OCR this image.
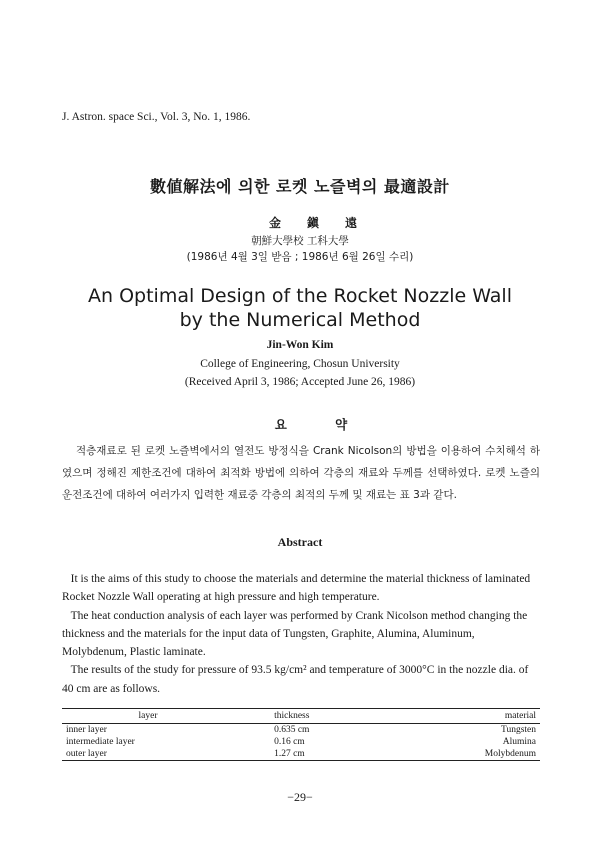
J. Astron. space Sci., Vol. 3, No. 1, 1986.
數値解法에 의한 로켓 노즐벽의 最適設計
金鎭遠
朝鮮大學校 工科大學
(1986년 4월 3일 받음 ; 1986년 6월 26일 수리)
An Optimal Design of the Rocket Nozzle Wall
by the Numerical Method
Jin-Won Kim
College of Engineering, Chosun University
(Received April 3, 1986; Accepted June 26, 1986)
요 약
적층재료로 된 로켓 노즐벽에서의 열전도 방정식을 Crank Nicolson의 방법을 이용하여 수치해석 하였으며 정해진 제한조건에 대하여 최적화 방법에 의하여 각층의 재료와 두께를 선택하였다. 로켓 노즐의 운전조건에 대하여 여러가지 입력한 재료중 각층의 최적의 두께 및 재료는 표 3과 같다.
Abstract

It is the aims of this study to choose the materials and determine the material thickness of laminated Rocket Nozzle Wall operating at high pressure and high temperature.

The heat conduction analysis of each layer was performed by Crank Nicolson method changing the thickness and the materials for the input data of Tungsten, Graphite, Alumina, Aluminum, Molybdenum, Plastic laminate.

The results of the study for pressure of 93.5 kg/cm² and temperature of 3000°C in the nozzle dia. of 40 cm are as follows.

layer	thickness	material
inner layer	0.635 cm	Tungsten
intermediate layer	0.16 cm	Alumina
outer layer	1.27 cm	Molybdenum
−29−
